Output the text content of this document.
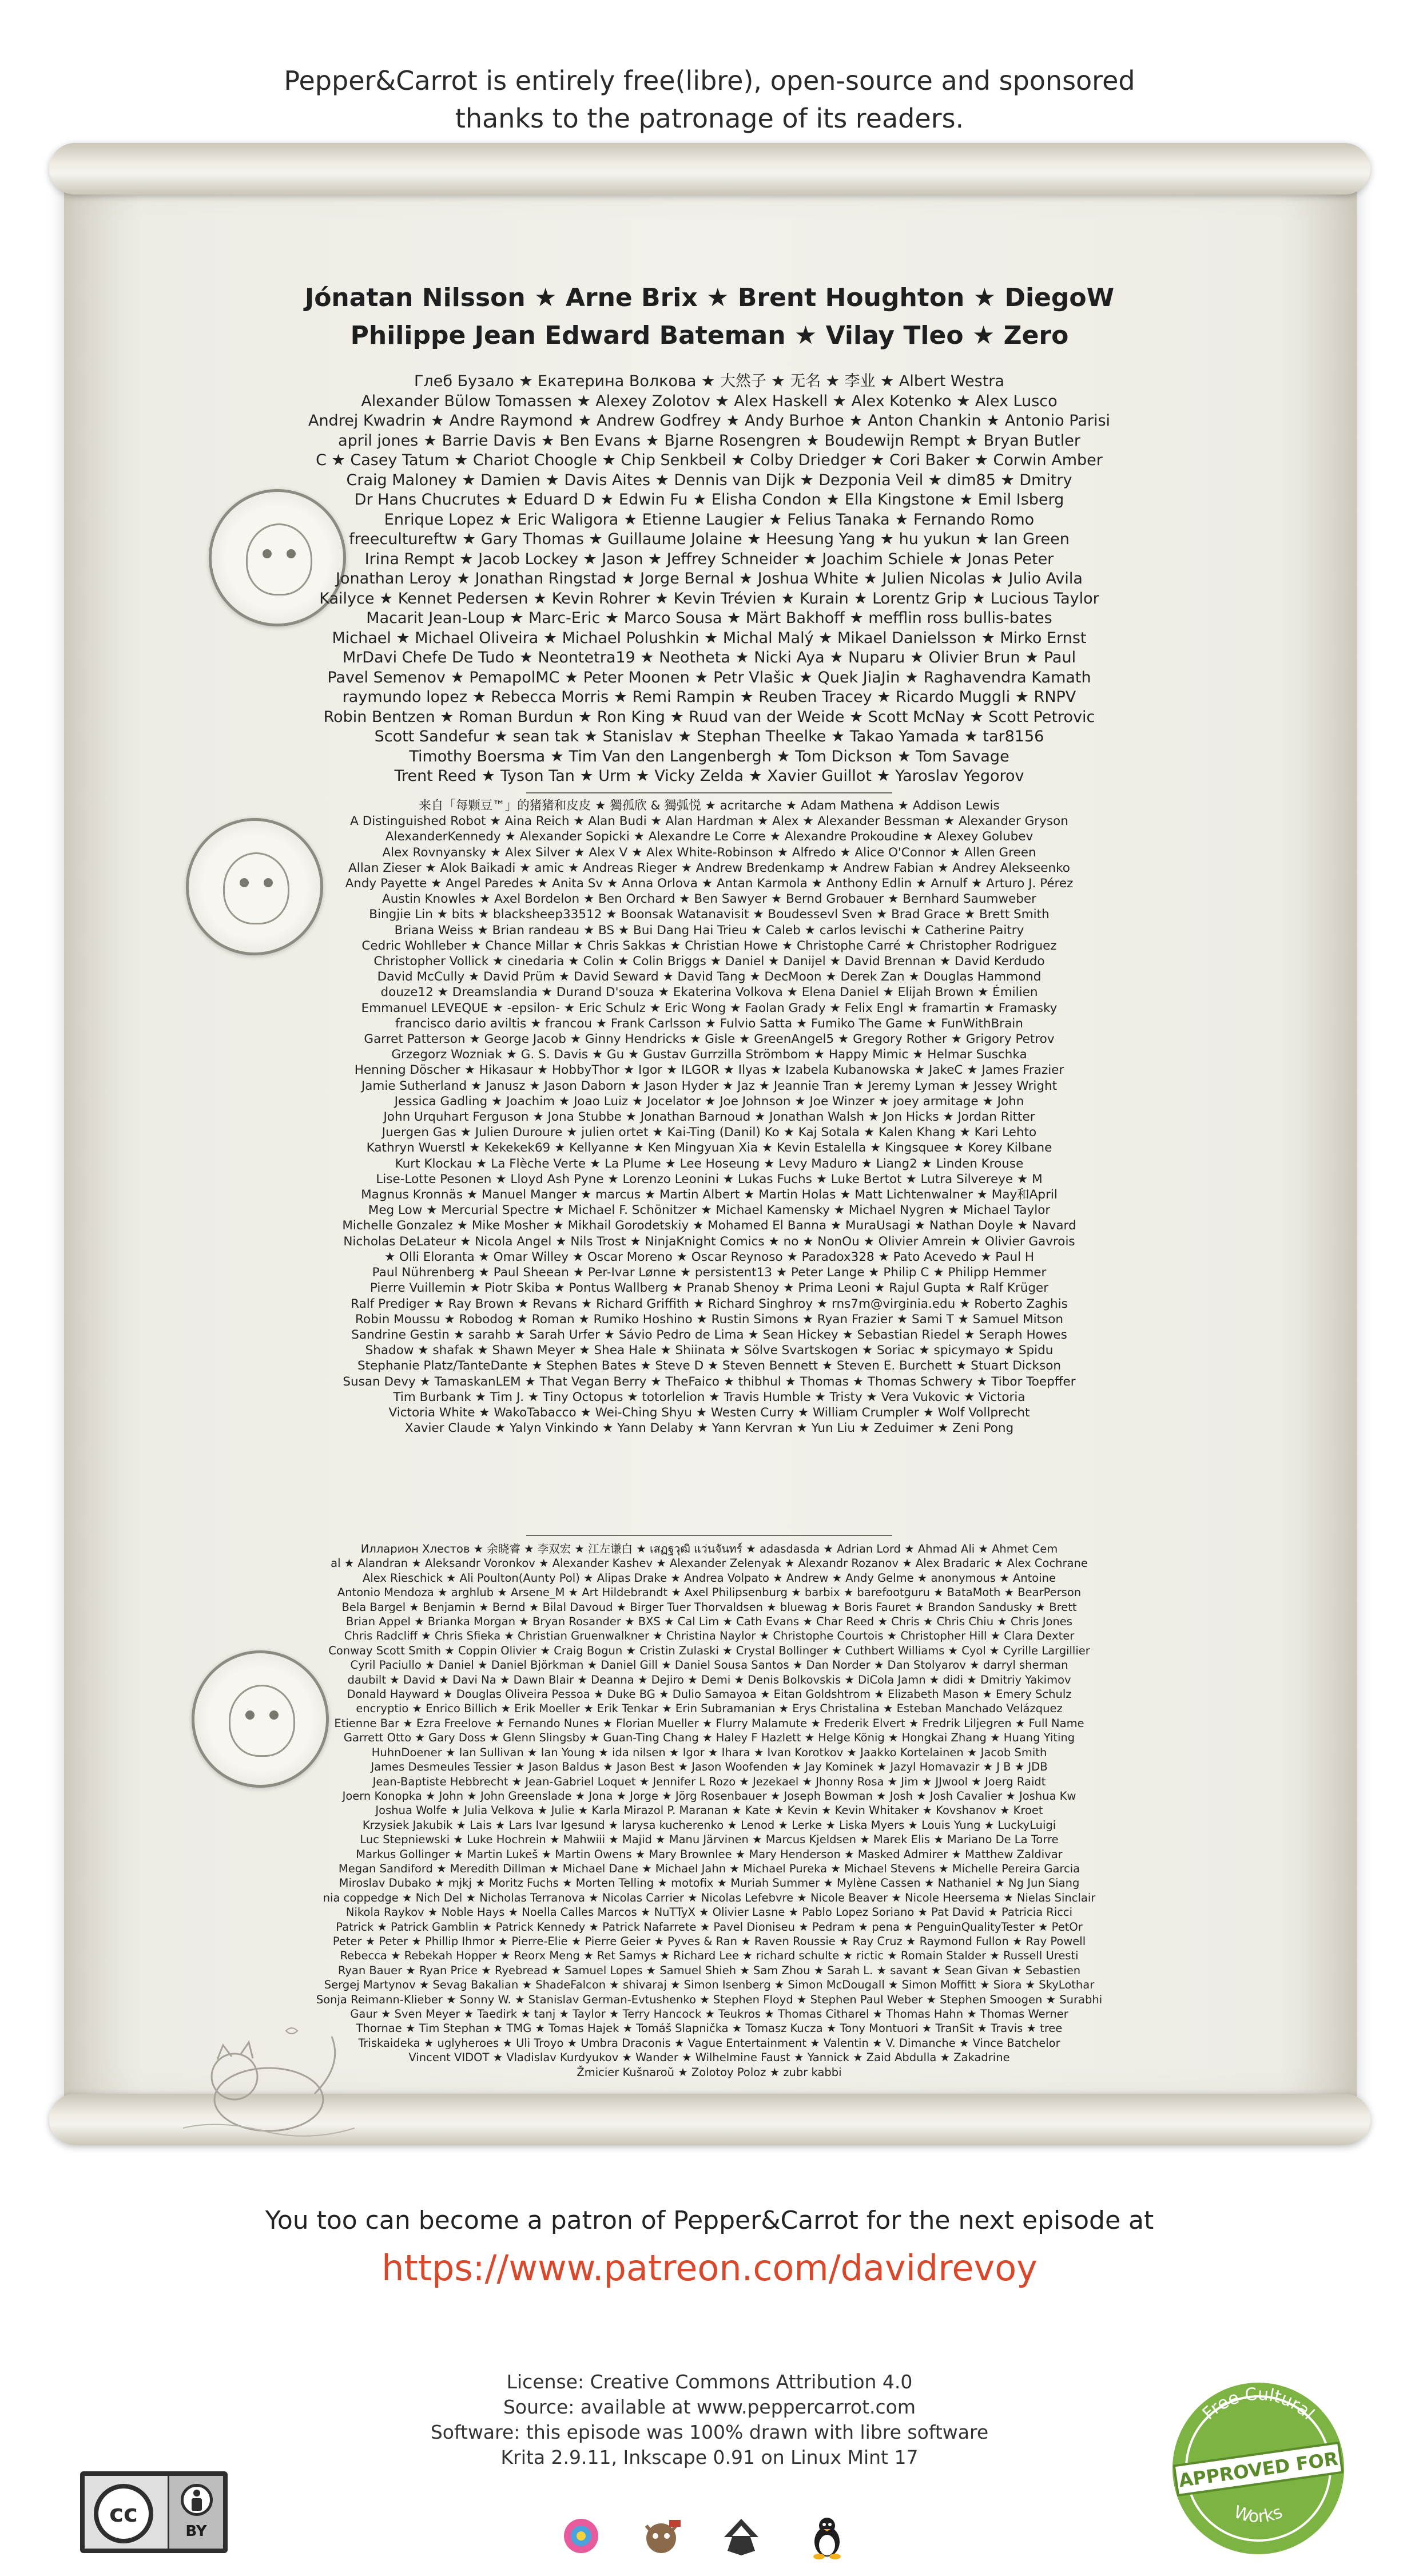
Pepper&Carrot is entirely free(libre), open-source and sponsored
thanks to the patronage of its readers.
Jónatan Nilsson ★ Arne Brix ★ Brent Houghton ★ DiegoW
Philippe Jean Edward Bateman ★ Vilay Tleo ★ Zero
Глеб Бузало ★ Екатерина Волкова ★ 大然子 ★ 无名 ★ 李业 ★ Albert Westra
Alexander Bülow Tomassen ★ Alexey Zolotov ★ Alex Haskell ★ Alex Kotenko ★ Alex Lusco
Andrej Kwadrin ★ Andre Raymond ★ Andrew Godfrey ★ Andy Burhoe ★ Anton Chankin ★ Antonio Parisi
april jones ★ Barrie Davis ★ Ben Evans ★ Bjarne Rosengren ★ Boudewijn Rempt ★ Bryan Butler
C ★ Casey Tatum ★ Chariot Choogle ★ Chip Senkbeil ★ Colby Driedger ★ Cori Baker ★ Corwin Amber
Craig Maloney ★ Damien ★ Davis Aites ★ Dennis van Dijk ★ Dezponia Veil ★ dim85 ★ Dmitry
Dr Hans Chucrutes ★ Eduard D ★ Edwin Fu ★ Elisha Condon ★ Ella Kingstone ★ Emil Isberg
Enrique Lopez ★ Eric Waligora ★ Etienne Laugier ★ Felius Tanaka ★ Fernando Romo
freecultureftw ★ Gary Thomas ★ Guillaume Jolaine ★ Heesung Yang ★ hu yukun ★ Ian Green
Irina Rempt ★ Jacob Lockey ★ Jason ★ Jeffrey Schneider ★ Joachim Schiele ★ Jonas Peter
Jonathan Leroy ★ Jonathan Ringstad ★ Jorge Bernal ★ Joshua White ★ Julien Nicolas ★ Julio Avila
Kailyce ★ Kennet Pedersen ★ Kevin Rohrer ★ Kevin Trévien ★ Kurain ★ Lorentz Grip ★ Lucious Taylor
Macarit Jean-Loup ★ Marc-Eric ★ Marco Sousa ★ Märt Bakhoff ★ mefflin ross bullis-bates
Michael ★ Michael Oliveira ★ Michael Polushkin ★ Michal Malý ★ Mikael Danielsson ★ Mirko Ernst
MrDavi Chefe De Tudo ★ Neontetra19 ★ Neotheta ★ Nicki Aya ★ Nuparu ★ Olivier Brun ★ Paul
Pavel Semenov ★ PemapolMC ★ Peter Moonen ★ Petr Vlašic ★ Quek JiaJin ★ Raghavendra Kamath
raymundo lopez ★ Rebecca Morris ★ Remi Rampin ★ Reuben Tracey ★ Ricardo Muggli ★ RNPV
Robin Bentzen ★ Roman Burdun ★ Ron King ★ Ruud van der Weide ★ Scott McNay ★ Scott Petrovic
Scott Sandefur ★ sean tak ★ Stanislav ★ Stephan Theelke ★ Takao Yamada ★ tar8156
Timothy Boersma ★ Tim Van den Langenbergh ★ Tom Dickson ★ Tom Savage
Trent Reed ★ Tyson Tan ★ Urm ★ Vicky Zelda ★ Xavier Guillot ★ Yaroslav Yegorov
来自「每颗豆™」的猪猪和皮皮 ★ 獨孤欣 & 獨弧悦 ★ acritarche ★ Adam Mathena ★ Addison Lewis
A Distinguished Robot ★ Aina Reich ★ Alan Budi ★ Alan Hardman ★ Alex ★ Alexander Bessman ★ Alexander Gryson
AlexanderKennedy ★ Alexander Sopicki ★ Alexandre Le Corre ★ Alexandre Prokoudine ★ Alexey Golubev
Alex Rovnyansky ★ Alex Silver ★ Alex V ★ Alex White-Robinson ★ Alfredo ★ Alice O'Connor ★ Allen Green
Allan Zieser ★ Alok Baikadi ★ amic ★ Andreas Rieger ★ Andrew Bredenkamp ★ Andrew Fabian ★ Andrey Alekseenko
Andy Payette ★ Angel Paredes ★ Anita Sv ★ Anna Orlova ★ Antan Karmola ★ Anthony Edlin ★ Arnulf ★ Arturo J. Pérez
Austin Knowles ★ Axel Bordelon ★ Ben Orchard ★ Ben Sawyer ★ Bernd Grobauer ★ Bernhard Saumweber
Bingjie Lin ★ bits ★ blacksheep33512 ★ Boonsak Watanavisit ★ Boudessevl Sven ★ Brad Grace ★ Brett Smith
Briana Weiss ★ Brian randeau ★ BS ★ Bui Dang Hai Trieu ★ Caleb ★ carlos levischi ★ Catherine Paitry
Cedric Wohlleber ★ Chance Millar ★ Chris Sakkas ★ Christian Howe ★ Christophe Carré ★ Christopher Rodriguez
Christopher Vollick ★ cinedaria ★ Colin ★ Colin Briggs ★ Daniel ★ Danijel ★ David Brennan ★ David Kerdudo
David McCully ★ David Prüm ★ David Seward ★ David Tang ★ DecMoon ★ Derek Zan ★ Douglas Hammond
douze12 ★ Dreamslandia ★ Durand D'souza ★ Ekaterina Volkova ★ Elena Daniel ★ Elijah Brown ★ Émilien
Emmanuel LEVEQUE ★ -epsilon- ★ Eric Schulz ★ Eric Wong ★ Faolan Grady ★ Felix Engl ★ framartin ★ Framasky
francisco dario aviltis ★ francou ★ Frank Carlsson ★ Fulvio Satta ★ Fumiko The Game ★ FunWithBrain
Garret Patterson ★ George Jacob ★ Ginny Hendricks ★ Gisle ★ GreenAngel5 ★ Gregory Rother ★ Grigory Petrov
Grzegorz Wozniak ★ G. S. Davis ★ Gu ★ Gustav Gurrzilla Strömbom ★ Happy Mimic ★ Helmar Suschka
Henning Döscher ★ Hikasaur ★ HobbyThor ★ Igor ★ ILGOR ★ Ilyas ★ Izabela Kubanowska ★ JakeC ★ James Frazier
Jamie Sutherland ★ Janusz ★ Jason Daborn ★ Jason Hyder ★ Jaz ★ Jeannie Tran ★ Jeremy Lyman ★ Jessey Wright
Jessica Gadling ★ Joachim ★ Joao Luiz ★ Jocelator ★ Joe Johnson ★ Joe Winzer ★ joey armitage ★ John
John Urquhart Ferguson ★ Jona Stubbe ★ Jonathan Barnoud ★ Jonathan Walsh ★ Jon Hicks ★ Jordan Ritter
Juergen Gas ★ Julien Duroure ★ julien ortet ★ Kai-Ting (Danil) Ko ★ Kaj Sotala ★ Kalen Khang ★ Kari Lehto
Kathryn Wuerstl ★ Kekekek69 ★ Kellyanne ★ Ken Mingyuan Xia ★ Kevin Estalella ★ Kingsquee ★ Korey Kilbane
Kurt Klockau ★ La Flèche Verte ★ La Plume ★ Lee Hoseung ★ Levy Maduro ★ Liang2 ★ Linden Krouse
Lise-Lotte Pesonen ★ Lloyd Ash Pyne ★ Lorenzo Leonini ★ Lukas Fuchs ★ Luke Bertot ★ Lutra Silvereye ★ M
Magnus Kronnäs ★ Manuel Manger ★ marcus ★ Martin Albert ★ Martin Holas ★ Matt Lichtenwalner ★ May和April
Meg Low ★ Mercurial Spectre ★ Michael F. Schönitzer ★ Michael Kamensky ★ Michael Nygren ★ Michael Taylor
Michelle Gonzalez ★ Mike Mosher ★ Mikhail Gorodetskiy ★ Mohamed El Banna ★ MuraUsagi ★ Nathan Doyle ★ Navard
Nicholas DeLateur ★ Nicola Angel ★ Nils Trost ★ NinjaKnight Comics ★ no ★ NonOu ★ Olivier Amrein ★ Olivier Gavrois
★ Olli Eloranta ★ Omar Willey ★ Oscar Moreno ★ Oscar Reynoso ★ Paradox328 ★ Pato Acevedo ★ Paul H
Paul Nührenberg ★ Paul Sheean ★ Per-Ivar Lønne ★ persistent13 ★ Peter Lange ★ Philip C ★ Philipp Hemmer
Pierre Vuillemin ★ Piotr Skiba ★ Pontus Wallberg ★ Pranab Shenoy ★ Prima Leoni ★ Rajul Gupta ★ Ralf Krüger
Ralf Prediger ★ Ray Brown ★ Revans ★ Richard Griffith ★ Richard Singhroy ★ rns7m@virginia.edu ★ Roberto Zaghis
Robin Moussu ★ Robodog ★ Roman ★ Rumiko Hoshino ★ Rustin Simons ★ Ryan Frazier ★ Sami T ★ Samuel Mitson
Sandrine Gestin ★ sarahb ★ Sarah Urfer ★ Sávio Pedro de Lima ★ Sean Hickey ★ Sebastian Riedel ★ Seraph Howes
Shadow ★ shafak ★ Shawn Meyer ★ Shea Hale ★ Shiinata ★ Sölve Svartskogen ★ Soriac ★ spicymayo ★ Spidu
Stephanie Platz/TanteDante ★ Stephen Bates ★ Steve D ★ Steven Bennett ★ Steven E. Burchett ★ Stuart Dickson
Susan Devy ★ TamaskanLEM ★ That Vegan Berry ★ TheFaico ★ thibhul ★ Thomas ★ Thomas Schwery ★ Tibor Toepffer
Tim Burbank ★ Tim J. ★ Tiny Octopus ★ totorlelion ★ Travis Humble ★ Tristy ★ Vera Vukovic ★ Victoria
Victoria White ★ WakoTabacco ★ Wei-Ching Shyu ★ Westen Curry ★ William Crumpler ★ Wolf Vollprecht
Xavier Claude ★ Yalyn Vinkindo ★ Yann Delaby ★ Yann Kervran ★ Yun Liu ★ Zeduimer ★ Zeni Pong
Илларион Хлестов ★ 余晓睿 ★ 李双宏 ★ 江左谦白 ★ เสฏฐวุฒิ แว่นจันทร์ ★ adasdasda ★ Adrian Lord ★ Ahmad Ali ★ Ahmet Cem
al ★ Alandran ★ Aleksandr Voronkov ★ Alexander Kashev ★ Alexander Zelenyak ★ Alexandr Rozanov ★ Alex Bradaric ★ Alex Cochrane
Alex Rieschick ★ Ali Poulton(Aunty Pol) ★ Alipas Drake ★ Andrea Volpato ★ Andrew ★ Andy Gelme ★ anonymous ★ Antoine
Antonio Mendoza ★ arghlub ★ Arsene_M ★ Art Hildebrandt ★ Axel Philipsenburg ★ barbix ★ barefootguru ★ BataMoth ★ BearPerson
Bela Bargel ★ Benjamin ★ Bernd ★ Bilal Davoud ★ Birger Tuer Thorvaldsen ★ bluewag ★ Boris Fauret ★ Brandon Sandusky ★ Brett
Brian Appel ★ Brianka Morgan ★ Bryan Rosander ★ BXS ★ Cal Lim ★ Cath Evans ★ Char Reed ★ Chris ★ Chris Chiu ★ Chris Jones
Chris Radcliff ★ Chris Sfieka ★ Christian Gruenwalkner ★ Christina Naylor ★ Christophe Courtois ★ Christopher Hill ★ Clara Dexter
Conway Scott Smith ★ Coppin Olivier ★ Craig Bogun ★ Cristin Zulaski ★ Crystal Bollinger ★ Cuthbert Williams ★ Cyol ★ Cyrille Largillier
Cyril Paciullo ★ Daniel ★ Daniel Björkman ★ Daniel Gill ★ Daniel Sousa Santos ★ Dan Norder ★ Dan Stolyarov ★ darryl sherman
daubilt ★ David ★ Davi Na ★ Dawn Blair ★ Deanna ★ Dejiro ★ Demi ★ Denis Bolkovskis ★ DiCola Jamn ★ didi ★ Dmitriy Yakimov
Donald Hayward ★ Douglas Oliveira Pessoa ★ Duke BG ★ Dulio Samayoa ★ Eitan Goldshtrom ★ Elizabeth Mason ★ Emery Schulz
encryptio ★ Enrico Billich ★ Erik Moeller ★ Erik Tenkar ★ Erin Subramanian ★ Erys Christalina ★ Esteban Manchado Velázquez
Etienne Bar ★ Ezra Freelove ★ Fernando Nunes ★ Florian Mueller ★ Flurry Malamute ★ Frederik Elvert ★ Fredrik Liljegren ★ Full Name
Garrett Otto ★ Gary Doss ★ Glenn Slingsby ★ Guan-Ting Chang ★ Haley F Hazlett ★ Helge König ★ Hongkai Zhang ★ Huang Yiting
HuhnDoener ★ Ian Sullivan ★ Ian Young ★ ida nilsen ★ Igor ★ Ihara ★ Ivan Korotkov ★ Jaakko Kortelainen ★ Jacob Smith
James Desmeules Tessier ★ Jason Baldus ★ Jason Best ★ Jason Woofenden ★ Jay Kominek ★ Jazyl Homavazir ★ J B ★ JDB
Jean-Baptiste Hebbrecht ★ Jean-Gabriel Loquet ★ Jennifer L Rozo ★ Jezekael ★ Jhonny Rosa ★ Jim ★ JJwool ★ Joerg Raidt
Joern Konopka ★ John ★ John Greenslade ★ Jona ★ Jorge ★ Jörg Rosenbauer ★ Joseph Bowman ★ Josh ★ Josh Cavalier ★ Joshua Kw
Joshua Wolfe ★ Julia Velkova ★ Julie ★ Karla Mirazol P. Maranan ★ Kate ★ Kevin ★ Kevin Whitaker ★ Kovshanov ★ Kroet
Krzysiek Jakubik ★ Lais ★ Lars Ivar Igesund ★ larysa kucherenko ★ Lenod ★ Lerke ★ Liska Myers ★ Louis Yung ★ LuckyLuigi
Luc Stepniewski ★ Luke Hochrein ★ Mahwiii ★ Majid ★ Manu Järvinen ★ Marcus Kjeldsen ★ Marek Elis ★ Mariano De La Torre
Markus Gollinger ★ Martin Lukeš ★ Martin Owens ★ Mary Brownlee ★ Mary Henderson ★ Masked Admirer ★ Matthew Zaldivar
Megan Sandiford ★ Meredith Dillman ★ Michael Dane ★ Michael Jahn ★ Michael Pureka ★ Michael Stevens ★ Michelle Pereira Garcia
Miroslav Dubako ★ mjkj ★ Moritz Fuchs ★ Morten Telling ★ motofix ★ Muriah Summer ★ Mylène Cassen ★ Nathaniel ★ Ng Jun Siang
nia coppedge ★ Nich Del ★ Nicholas Terranova ★ Nicolas Carrier ★ Nicolas Lefebvre ★ Nicole Beaver ★ Nicole Heersema ★ Nielas Sinclair
Nikola Raykov ★ Noble Hays ★ Noella Calles Marcos ★ NuTTyX ★ Olivier Lasne ★ Pablo Lopez Soriano ★ Pat David ★ Patricia Ricci
Patrick ★ Patrick Gamblin ★ Patrick Kennedy ★ Patrick Nafarrete ★ Pavel Dioniseu ★ Pedram ★ pena ★ PenguinQualityTester ★ PetOr
Peter ★ Peter ★ Phillip Ihmor ★ Pierre-Elie ★ Pierre Geier ★ Pyves & Ran ★ Raven Roussie ★ Ray Cruz ★ Raymond Fullon ★ Ray Powell
Rebecca ★ Rebekah Hopper ★ Reorx Meng ★ Ret Samys ★ Richard Lee ★ richard schulte ★ rictic ★ Romain Stalder ★ Russell Uresti
Ryan Bauer ★ Ryan Price ★ Ryebread ★ Samuel Lopes ★ Samuel Shieh ★ Sam Zhou ★ Sarah L. ★ savant ★ Sean Givan ★ Sebastien
Sergej Martynov ★ Sevag Bakalian ★ ShadeFalcon ★ shivaraj ★ Simon Isenberg ★ Simon McDougall ★ Simon Moffitt ★ Siora ★ SkyLothar
Sonja Reimann-Klieber ★ Sonny W. ★ Stanislav German-Evtushenko ★ Stephen Floyd ★ Stephen Paul Weber ★ Stephen Smoogen ★ Surabhi
Gaur ★ Sven Meyer ★ Taedirk ★ tanj ★ Taylor ★ Terry Hancock ★ Teukros ★ Thomas Citharel ★ Thomas Hahn ★ Thomas Werner
Thornae ★ Tim Stephan ★ TMG ★ Tomas Hajek ★ Tomáš Slapnička ★ Tomasz Kucza ★ Tony Montuori ★ TranSit ★ Travis ★ tree
Triskaideka ★ uglyheroes ★ Uli Troyo ★ Umbra Draconis ★ Vague Entertainment ★ Valentin ★ V. Dimanche ★ Vince Batchelor
Vincent VIDOT ★ Vladislav Kurdyukov ★ Wander ★ Wilhelmine Faust ★ Yannick ★ Zaid Abdulla ★ Zakadrine
Žmicier Kušnaroŭ ★ Zolotoy Poloz ★ zubr kabbi
You too can become a patron of Pepper&Carrot for the next episode at
https://www.patreon.com/davidrevoy
License: Creative Commons Attribution 4.0
Source: available at www.peppercarrot.com
Software: this episode was 100% drawn with libre software
Krita 2.9.11, Inkscape 0.91 on Linux Mint 17
cc
BY
Free Cultural
APPROVED FOR
Works
